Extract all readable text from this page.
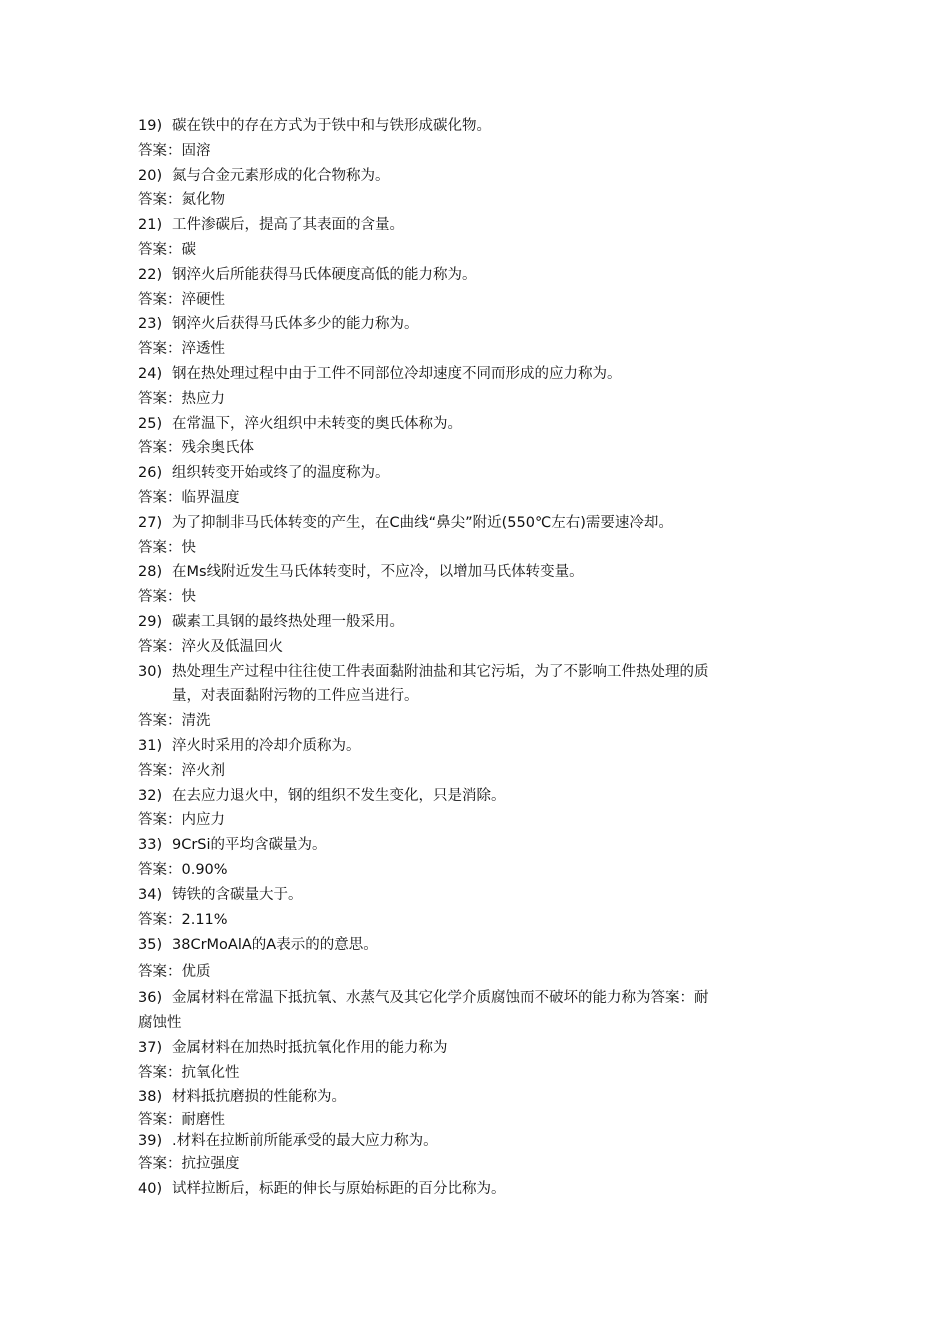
19) 碳在铁中的存在方式为于铁中和与铁形成碳化物。
答案：固溶
20) 氮与合金元素形成的化合物称为。
答案：氮化物
21) 工件渗碳后，提高了其表面的含量。
答案：碳
22) 钢淬火后所能获得马氏体硬度高低的能力称为。
答案：淬硬性
23) 钢淬火后获得马氏体多少的能力称为。
答案：淬透性
24) 钢在热处理过程中由于工件不同部位冷却速度不同而形成的应力称为。
答案：热应力
25) 在常温下，淬火组织中未转变的奥氏体称为。
答案：残余奥氏体
26) 组织转变开始或终了的温度称为。
答案：临界温度
27) 为了抑制非马氏体转变的产生，在C曲线“鼻尖”附近(550℃左右)需要速冷却。
答案：快
28) 在Ms线附近发生马氏体转变时，不应冷，以增加马氏体转变量。
答案：快
29) 碳素工具钢的最终热处理一般采用。
答案：淬火及低温回火
30) 热处理生产过程中往往使工件表面黏附油盐和其它污垢，为了不影响工件热处理的质
量，对表面黏附污物的工件应当进行。
答案：清洗
31) 淬火时采用的冷却介质称为。
答案：淬火剂
32) 在去应力退火中，钢的组织不发生变化，只是消除。
答案：内应力
33) 9CrSi的平均含碳量为。
答案：0.90%
34) 铸铁的含碳量大于。
答案：2.11%
35) 38CrMoAlA的A表示的的意思。
答案：优质
36) 金属材料在常温下抵抗氧、水蒸气及其它化学介质腐蚀而不破坏的能力称为答案：耐
腐蚀性
37) 金属材料在加热时抵抗氧化作用的能力称为
答案：抗氧化性
38) 材料抵抗磨损的性能称为。
答案：耐磨性
39) .材料在拉断前所能承受的最大应力称为。
答案：抗拉强度
40) 试样拉断后，标距的伸长与原始标距的百分比称为。
